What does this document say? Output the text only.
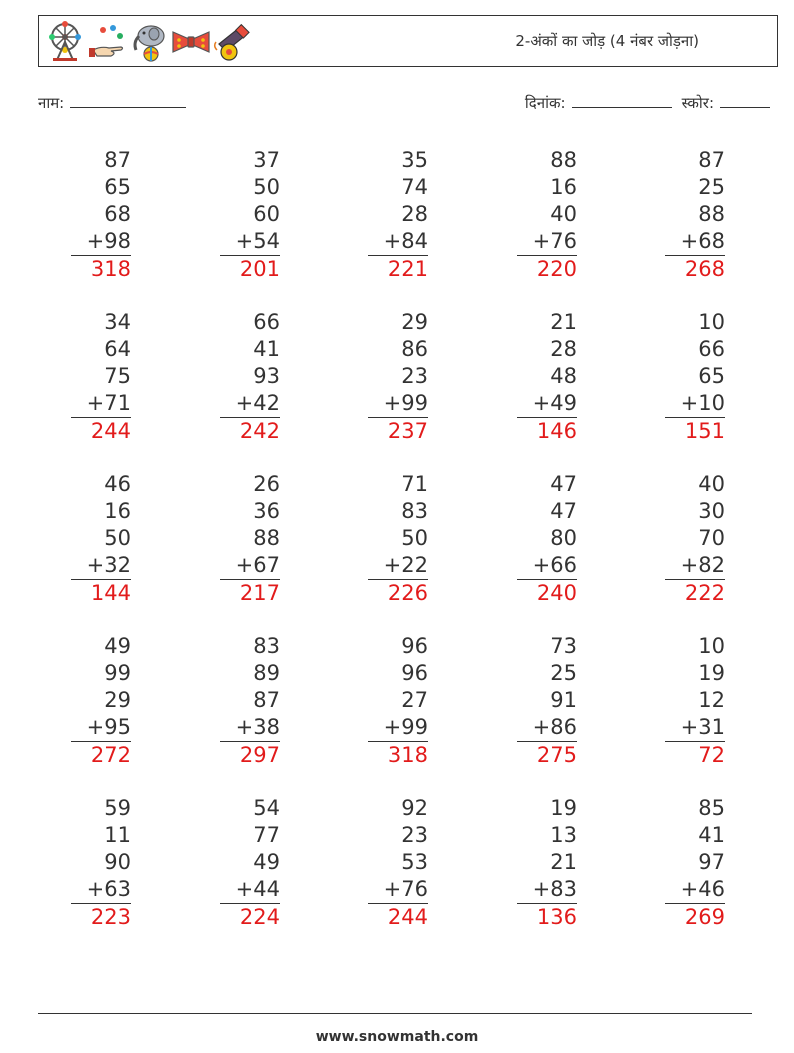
2-अंकों का जोड़ (4 नंबर जोड़ना)
नाम:	दिनांक:	स्कोर:
87
65
68
+98
318
37
50
60
+54
201
35
74
28
+84
221
88
16
40
+76
220
87
25
88
+68
268
34
64
75
+71
244
66
41
93
+42
242
29
86
23
+99
237
21
28
48
+49
146
10
66
65
+10
151
46
16
50
+32
144
26
36
88
+67
217
71
83
50
+22
226
47
47
80
+66
240
40
30
70
+82
222
49
99
29
+95
272
83
89
87
+38
297
96
96
27
+99
318
73
25
91
+86
275
10
19
12
+31
72
59
11
90
+63
223
54
77
49
+44
224
92
23
53
+76
244
19
13
21
+83
136
85
41
97
+46
269
www.snowmath.com
